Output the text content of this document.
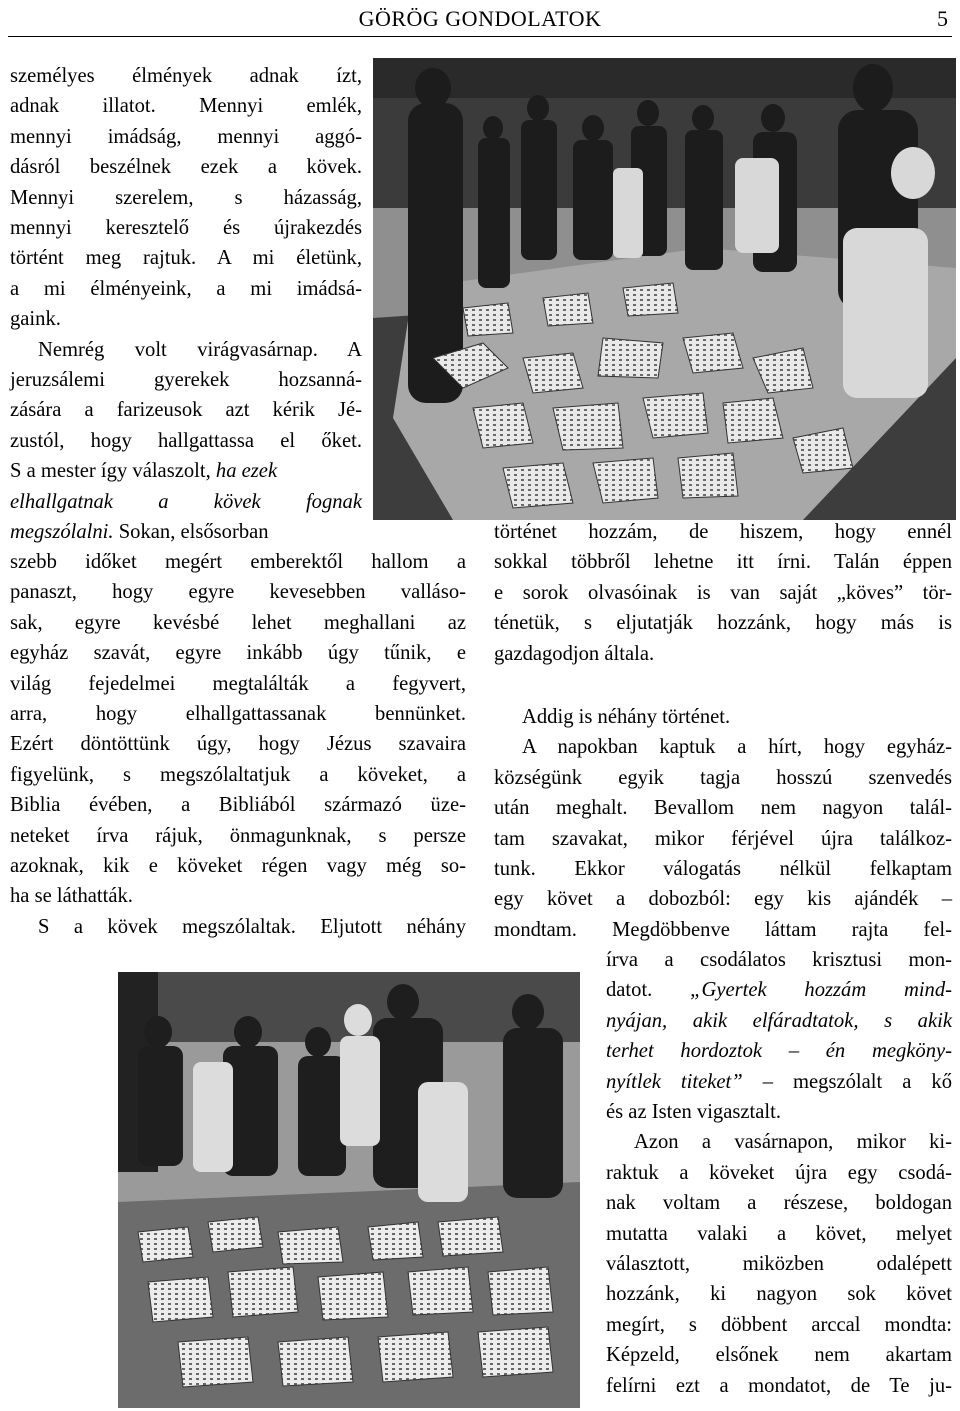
GÖRÖG GONDOLATOK	5
személyes élmények adnak ízt,
adnak illatot. Mennyi emlék,
mennyi imádság, mennyi aggó-
dásról beszélnek ezek a kövek.
Mennyi szerelem, s házasság,
mennyi keresztelő és újrakezdés
történt meg rajtuk. A mi életünk,
a mi élményeink, a mi imádsá-
gaink.
Nemrég volt virágvasárnap. A
jeruzsálemi gyerekek hozsanná-
zására a farizeusok azt kérik Jé-
zustól, hogy hallgattassa el őket.
S a mester így válaszolt, ha ezek
elhallgatnak a kövek fognak
megszólalni. Sokan, elsősorban
szebb időket megért emberektől hallom a
panaszt, hogy egyre kevesebben valláso-
sak, egyre kevésbé lehet meghallani az
egyház szavát, egyre inkább úgy tűnik, e
világ fejedelmei megtalálták a fegyvert,
arra, hogy elhallgattassanak bennünket.
Ezért döntöttünk úgy, hogy Jézus szavaira
figyelünk, s megszólaltatjuk a köveket, a
Biblia évében, a Bibliából származó üze-
neteket írva rájuk, önmagunknak, s persze
azoknak, kik e köveket régen vagy még so-
ha se láthatták.
S a kövek megszólaltak. Eljutott néhány
történet hozzám, de hiszem, hogy ennél
sokkal többről lehetne itt írni. Talán éppen
e sorok olvasóinak is van saját „köves” tör-
ténetük, s eljutatják hozzánk, hogy más is
gazdagodjon általa.
Addig is néhány történet.
A napokban kaptuk a hírt, hogy egyház-
községünk egyik tagja hosszú szenvedés
után meghalt. Bevallom nem nagyon talál-
tam szavakat, mikor férjével újra találkoz-
tunk. Ekkor válogatás nélkül felkaptam
egy követ a dobozból: egy kis ajándék –
mondtam. Megdöbbenve láttam rajta fel-
írva a csodálatos krisztusi mon-
datot. „Gyertek hozzám mind-
nyájan, akik elfáradtatok, s akik
terhet hordoztok – én megköny-
nyítlek titeket” – megszólalt a kő
és az Isten vigasztalt.
Azon a vasárnapon, mikor ki-
raktuk a köveket újra egy csodá-
nak voltam a részese, boldogan
mutatta valaki a követ, melyet
választott, miközben odalépett
hozzánk, ki nagyon sok követ
megírt, s döbbent arccal mondta:
Képzeld, elsőnek nem akartam
felírni ezt a mondatot, de Te ju-
